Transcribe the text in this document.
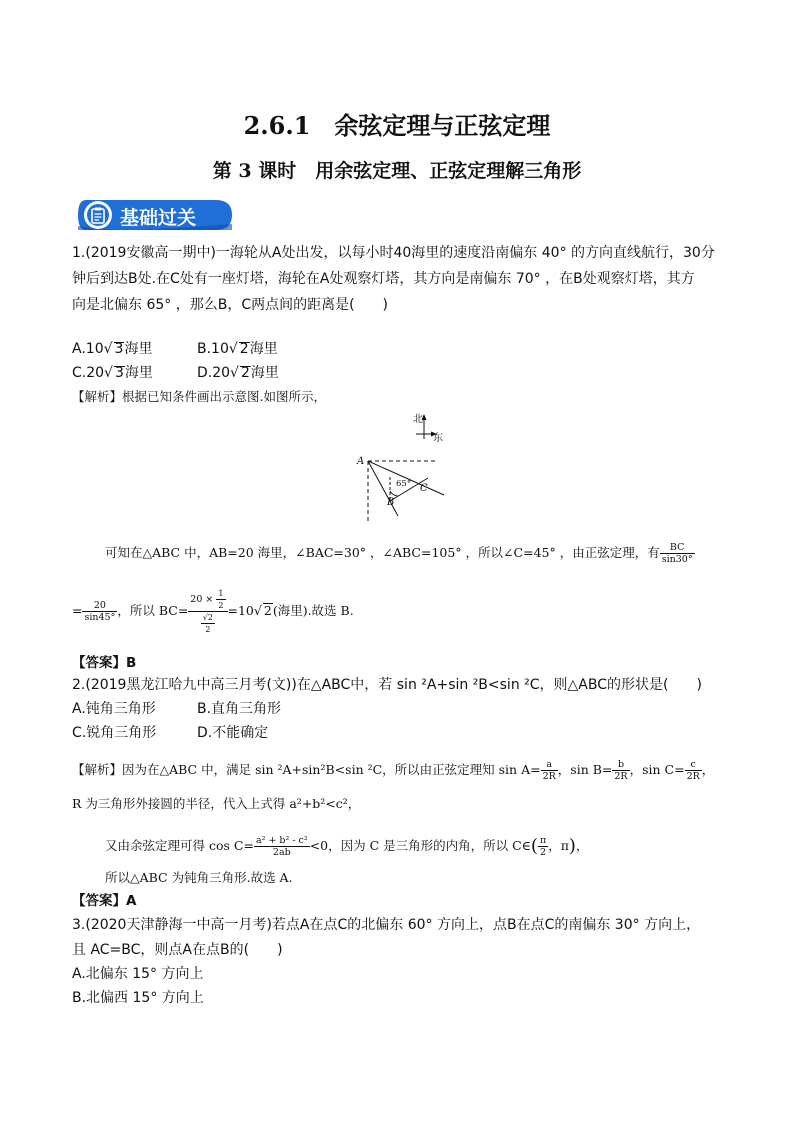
2.6.1　余弦定理与正弦定理
第 3 课时　用余弦定理、正弦定理解三角形
基础过关
1.(2019安徽高一期中)一海轮从A处出发，以每小时40海里的速度沿南偏东 40° 的方向直线航行，30分
钟后到达B处.在C处有一座灯塔，海轮在A处观察灯塔，其方向是南偏东 70° ，在B处观察灯塔，其方
向是北偏东 65° ，那么B，C两点间的距离是(　　)
A.10√ 3海里	B.10√ 2海里
C.20√ 3海里	D.20√ 2海里
【解析】根据已知条件画出示意图.如图所示，
北
东
A
B
C
65°
可知在△ABC 中，AB=20 海里，∠BAC=30° ，∠ABC=105° ，所以∠C=45° ，由正弦定理，有 $\frac{BC}{\sin 30^\circ}$
= $\frac{20}{\sin 45^\circ}$ ，所以 $BC= \frac{20 \times \frac{1}{2}}{\frac{√2}{2}} =10√$ 2(海里).故选 B.
【答案】B
2.(2019黑龙江哈九中高三月考(文))在△ABC中，若 sin ²A+sin ²B<sin ²C，则△ABC的形状是(　　)
A.钝角三角形	B.直角三角形
C.锐角三角形	D.不能确定
【解析】因为在△ABC 中，满足 sin ²A+sin²B<sin ²C，所以由正弦定理知 $\sin A= \frac{a}{2R}$ ，$\sin B= \frac{b}{2R}$ ，$\sin C= \frac{c}{2R}$ ，
R 为三角形外接圆的半径，代入上式得 a²+b²<c²，
又由余弦定理可得 $\cos C= \frac{\text{a² + b² - c²}}{2ab} <0$，因为 C 是三角形的内角，所以 C∈( $\frac{\pi}{2}$ ，π)，
所以△ABC 为钝角三角形.故选 A.
【答案】A
3.(2020天津静海一中高一月考)若点A在点C的北偏东 60° 方向上，点B在点C的南偏东 30° 方向上，
且 AC=BC，则点A在点B的(　　)
A.北偏东 15° 方向上
B.北偏西 15° 方向上
